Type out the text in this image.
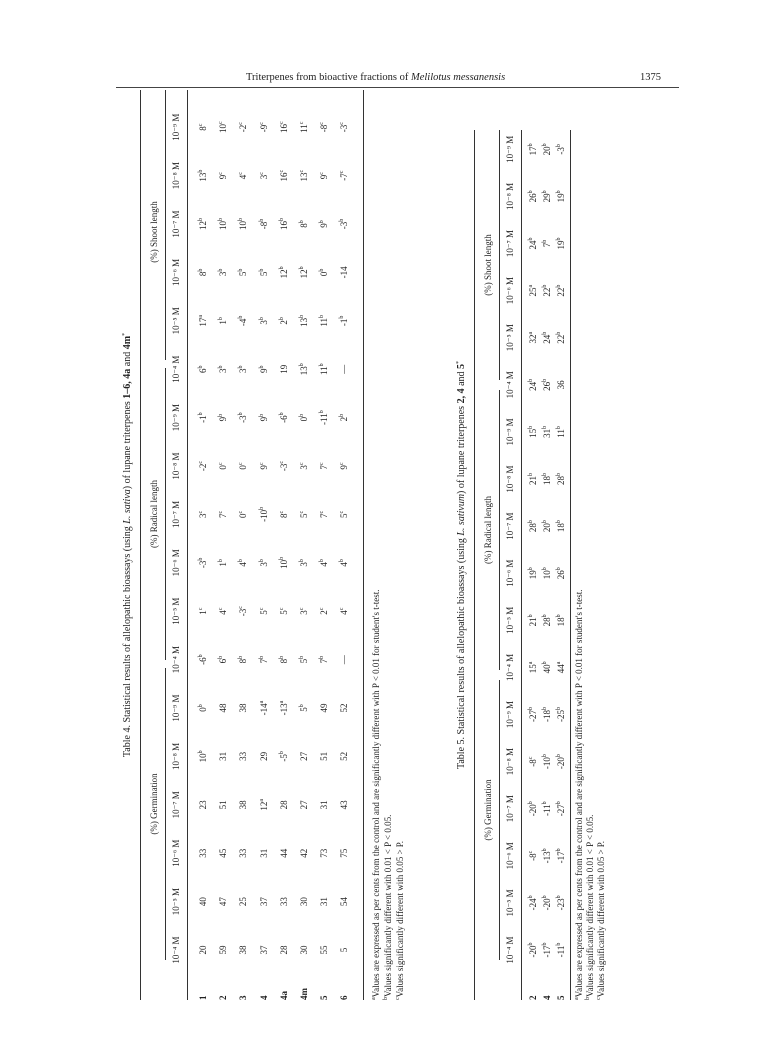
Triterpenes from bioactive fractions of Melilotus messanensis	1375
Table 4. Statistical results of allelopathic bioassays (using L. sativa) of lupane triterpenes 1–6, 4a and 4m*
(%) Germination
(%) Radical length
(%) Shoot length
10⁻⁴ M
10⁻⁵ M
10⁻⁶ M
10⁻⁷ M
10⁻⁸ M
10⁻⁹ M
10⁻⁴ M
10⁻⁵ M
10⁻⁶ M
10⁻⁷ M
10⁻⁸ M
10⁻⁹ M
10⁻⁴ M
10⁻⁵ M
10⁻⁶ M
10⁻⁷ M
10⁻⁸ M
10⁻⁹ M
1
20
40
33
23
10$^b$
0$^b$
-6$^b$
1$^c$
-3$^b$
3$^c$
-2$^c$
-1$^b$
6$^b$
17$^a$
8$^b$
12$^b$
13$^b$
8$^c$
2
59
47
45
51
31
48
6$^b$
4$^c$
1$^b$
7$^c$
0$^c$
9$^b$
3$^b$
1$^b$
3$^b$
10$^b$
9$^c$
10$^c$
3
38
25
33
38
33
38
8$^b$
-3$^c$
4$^b$
0$^c$
0$^c$
-3$^b$
3$^b$
-4$^b$
5$^b$
10$^b$
4$^c$
-2$^c$
4
37
37
31
12$^a$
29
-14$^a$
7$^b$
5$^c$
3$^b$
-10$^b$
9$^c$
9$^b$
9$^b$
3$^b$
5$^b$
-8$^b$
3$^c$
-9$^c$
4a
28
33
44
28
-5$^b$
-13$^a$
8$^b$
5$^c$
10$^b$
8$^c$
-3$^c$
-6$^b$
19
2$^b$
12$^b$
16$^b$
16$^c$
16$^c$
4m
30
30
42
27
27
5$^b$
5$^b$
3$^c$
3$^b$
5$^c$
3$^c$
0$^b$
13$^b$
13$^b$
12$^b$
8$^b$
13$^c$
11$^c$
5
55
31
73
31
51
49
7$^b$
2$^c$
4$^b$
7$^c$
7$^c$
-11$^b$
11$^b$
11$^b$
0$^b$
9$^b$
9$^c$
-8$^c$
6
5
54
75
43
52
52
—
4$^c$
4$^b$
5$^c$
9$^c$
2$^b$
—
-1$^b$
-14
-3$^b$
-7$^c$
-3$^c$
$^a$Values are expressed as per cents from the control and are significantly different with P < 0.01 for student's t-test.
$^b$Values significantly different with 0.01 < P < 0.05.
$^c$Values significantly different with 0.05 > P.
Table 5. Statistical results of allelopathic bioassays (using L. sativum) of lupane triterpenes 2, 4 and 5*
(%) Germination
(%) Radical length
(%) Shoot length
10⁻⁴ M
10⁻⁵ M
10⁻⁶ M
10⁻⁷ M
10⁻⁸ M
10⁻⁹ M
10⁻⁴ M
10⁻⁵ M
10⁻⁶ M
10⁻⁷ M
10⁻⁸ M
10⁻⁹ M
10⁻⁴ M
10⁻⁵ M
10⁻⁶ M
10⁻⁷ M
10⁻⁸ M
10⁻⁹ M
2
-20$^b$
-24$^b$
-8$^c$
-20$^b$
-8$^c$
-27$^b$
15$^a$
21$^b$
19$^b$
28$^b$
21$^b$
15$^b$
24$^b$
32$^a$
25$^a$
24$^b$
26$^b$
17$^b$
4
-17$^b$
-20$^b$
-13$^b$
-11$^b$
-10$^b$
-18$^b$
40$^b$
28$^b$
10$^b$
20$^b$
18$^b$
31$^b$
26$^b$
24$^b$
22$^b$
7$^b$
29$^b$
20$^b$
5
-11$^b$
-23$^b$
-17$^b$
-27$^b$
-20$^b$
-25$^b$
44$^a$
18$^b$
26$^b$
18$^b$
28$^b$
11$^b$
36
22$^b$
22$^b$
19$^b$
19$^b$
-3$^b$
$^a$Values are expressed as per cents from the control and are significantly different with P < 0.01 for student's t-test.
$^b$Values significantly different with 0.01 < P < 0.05.
$^c$Values significantly different with 0.05 > P.
